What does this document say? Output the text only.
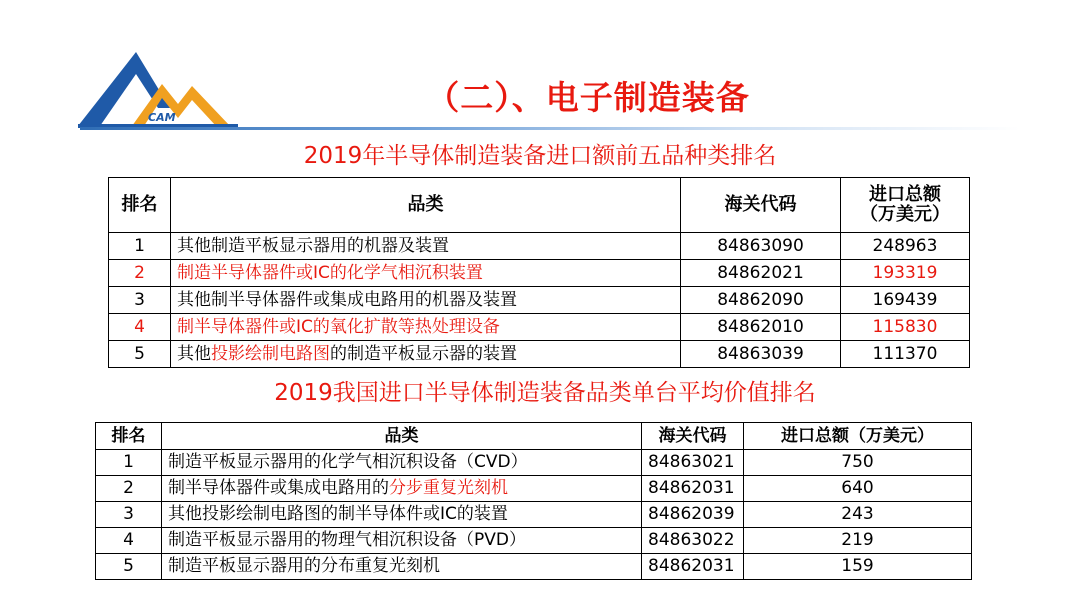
CAM
（二）、电子制造装备
2019年半导体制造装备进口额前五品种类排名
排名	品类	海关代码	进口总额
（万美元）

1	其他制造平板显示器用的机器及装置	84863090	248963
2	制造半导体器件或IC的化学气相沉积装置	84862021	193319
3	其他制半导体器件或集成电路用的机器及装置	84862090	169439
4	制半导体器件或IC的氧化扩散等热处理设备	84862010	115830
5	其他投影绘制电路图的制造平板显示器的装置	84863039	111370
2019我国进口半导体制造装备品类单台平均价值排名
排名	品类	海关代码	进口总额（万美元）
1	制造平板显示器用的化学气相沉积设备（CVD）	84863021	750
2	制半导体器件或集成电路用的分步重复光刻机	84862031	640
3	其他投影绘制电路图的制半导体件或IC的装置	84862039	243
4	制造平板显示器用的物理气相沉积设备（PVD）	84863022	219
5	制造平板显示器用的分布重复光刻机	84862031	159
